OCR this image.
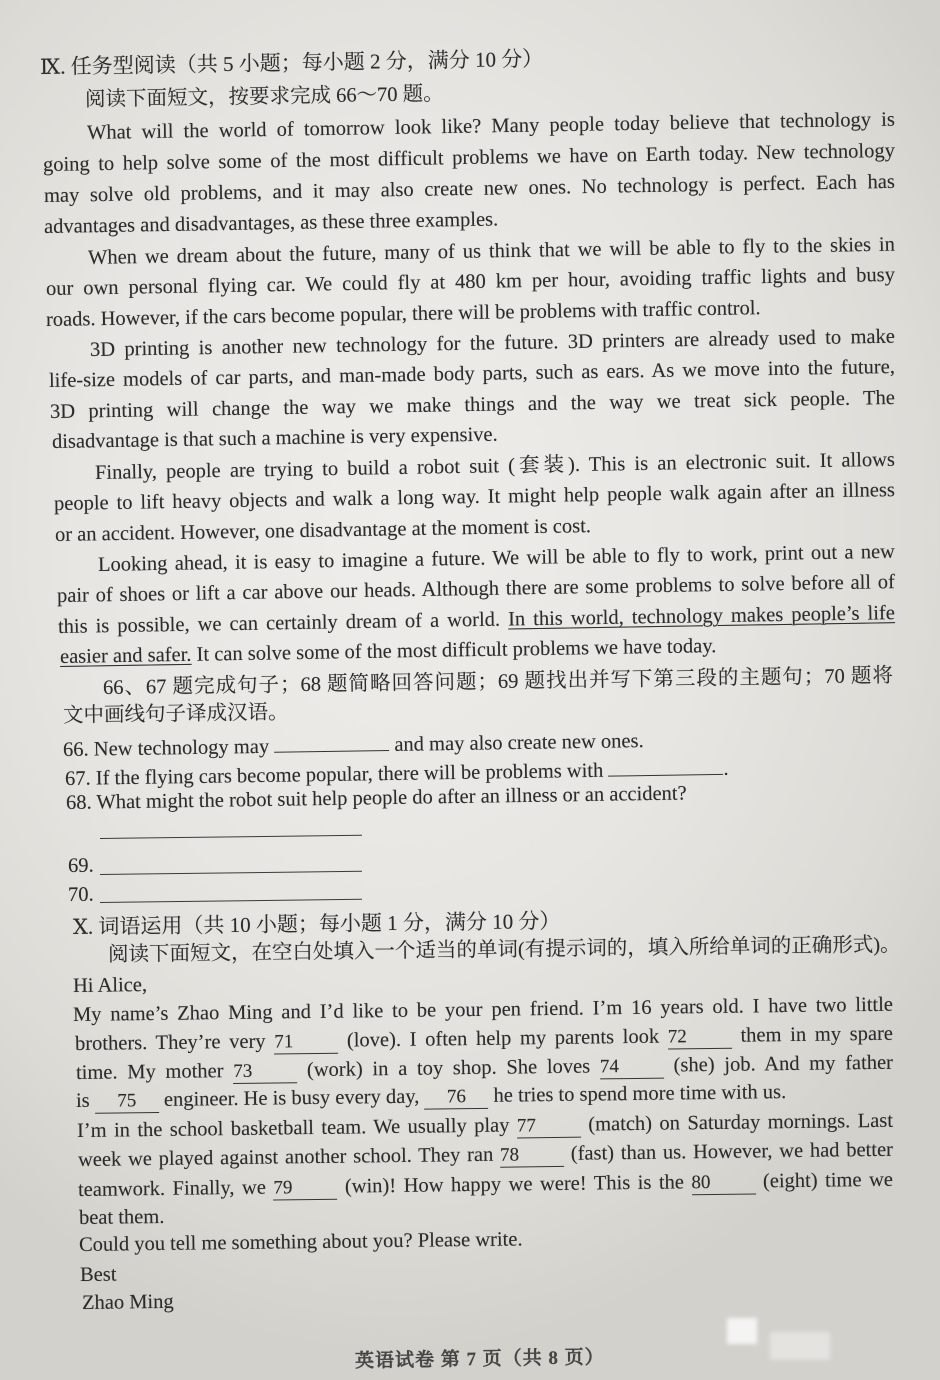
Ⅸ. 任务型阅读（共 5 小题；每小题 2 分，满分 10 分）
阅读下面短文，按要求完成 66～70 题。
What will the world of tomorrow look like? Many people today believe that technology is
going to help solve some of the most difficult problems we have on Earth today. New technology
may solve old problems, and it may also create new ones. No technology is perfect. Each has
advantages and disadvantages, as these three examples.
When we dream about the future, many of us think that we will be able to fly to the skies in
our own personal flying car. We could fly at 480 km per hour, avoiding traffic lights and busy
roads. However, if the cars become popular, there will be problems with traffic control.
3D printing is another new technology for the future. 3D printers are already used to make
life-size models of car parts, and man-made body parts, such as ears. As we move into the future,
3D printing will change the way we make things and the way we treat sick people. The
disadvantage is that such a machine is very expensive.
Finally, people are trying to build a robot suit (套装). This is an electronic suit. It allows
people to lift heavy objects and walk a long way. It might help people walk again after an illness
or an accident. However, one disadvantage at the moment is cost.
Looking ahead, it is easy to imagine a future. We will be able to fly to work, print out a new
pair of shoes or lift a car above our heads. Although there are some problems to solve before all of
this is possible, we can certainly dream of a world. In this world, technology makes people’s life
easier and safer. It can solve some of the most difficult problems we have today.
66、67 题完成句子；68 题简略回答问题；69 题找出并写下第三段的主题句；70 题将
文中画线句子译成汉语。
66. New technology may	and may also create new ones.
67. If the flying cars become popular, there will be problems with	.
68. What might the robot suit help people do after an illness or an accident?
69.
70.
Ⅹ. 词语运用（共 10 小题；每小题 1 分，满分 10 分）
阅读下面短文，在空白处填入一个适当的单词(有提示词的，填入所给单词的正确形式)。
Hi Alice,
My name’s Zhao Ming and I’d like to be your pen friend. I’m 16 years old. I have two little
brothers. They’re very 71 (love). I often help my parents look 72 them in my spare
time. My mother 73 (work) in a toy shop. She loves 74 (she) job. And my father
is 75 engineer. He is busy every day, 76 he tries to spend more time with us.
I’m in the school basketball team. We usually play 77 (match) on Saturday mornings. Last
week we played against another school. They ran 78 (fast) than us. However, we had better
teamwork. Finally, we 79 (win)! How happy we were! This is the 80 (eight) time we
beat them.
Could you tell me something about you? Please write.
Best
Zhao Ming
英语试卷 第 7 页（共 8 页）
